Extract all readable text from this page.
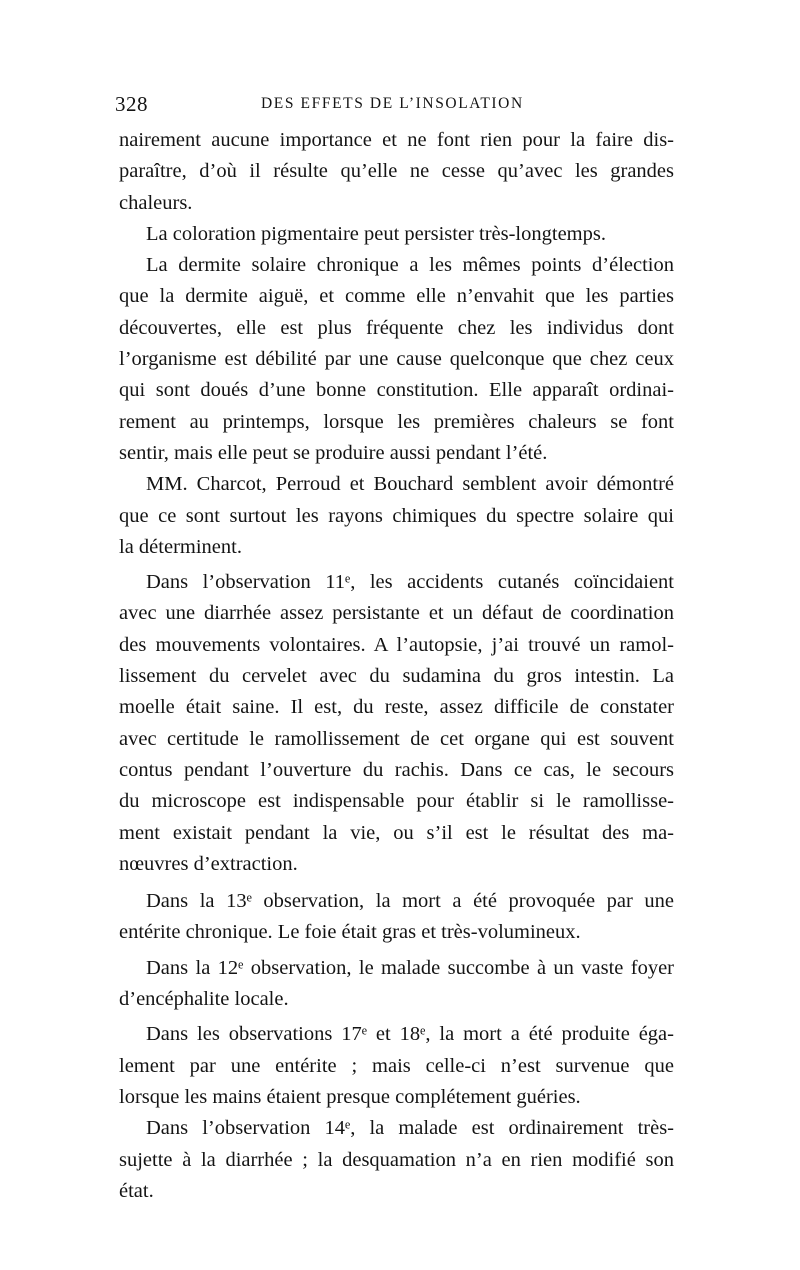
328	DES EFFETS DE L’INSOLATION
nairement aucune importance et ne font rien pour la faire dis-
paraître, d’où il résulte qu’elle ne cesse qu’avec les grandes
chaleurs.
La coloration pigmentaire peut persister très-longtemps.
La dermite solaire chronique a les mêmes points d’élection
que la dermite aiguë, et comme elle n’envahit que les parties
découvertes, elle est plus fréquente chez les individus dont
l’organisme est débilité par une cause quelconque que chez ceux
qui sont doués d’une bonne constitution. Elle apparaît ordinai-
rement au printemps, lorsque les premières chaleurs se font
sentir, mais elle peut se produire aussi pendant l’été.
MM. Charcot, Perroud et Bouchard semblent avoir démontré
que ce sont surtout les rayons chimiques du spectre solaire qui
la déterminent.
Dans l’observation 11ᵉ, les accidents cutanés coïncidaient
avec une diarrhée assez persistante et un défaut de coordination
des mouvements volontaires. A l’autopsie, j’ai trouvé un ramol-
lissement du cervelet avec du sudamina du gros intestin. La
moelle était saine. Il est, du reste, assez difficile de constater
avec certitude le ramollissement de cet organe qui est souvent
contus pendant l’ouverture du rachis. Dans ce cas, le secours
du microscope est indispensable pour établir si le ramollisse-
ment existait pendant la vie, ou s’il est le résultat des ma-
nœuvres d’extraction.
Dans la 13ᵉ observation, la mort a été provoquée par une
entérite chronique. Le foie était gras et très-volumineux.
Dans la 12ᵉ observation, le malade succombe à un vaste foyer
d’encéphalite locale.
Dans les observations 17ᵉ et 18ᵉ, la mort a été produite éga-
lement par une entérite ; mais celle-ci n’est survenue que
lorsque les mains étaient presque complétement guéries.
Dans l’observation 14ᵉ, la malade est ordinairement très-
sujette à la diarrhée ; la desquamation n’a en rien modifié son
état.
